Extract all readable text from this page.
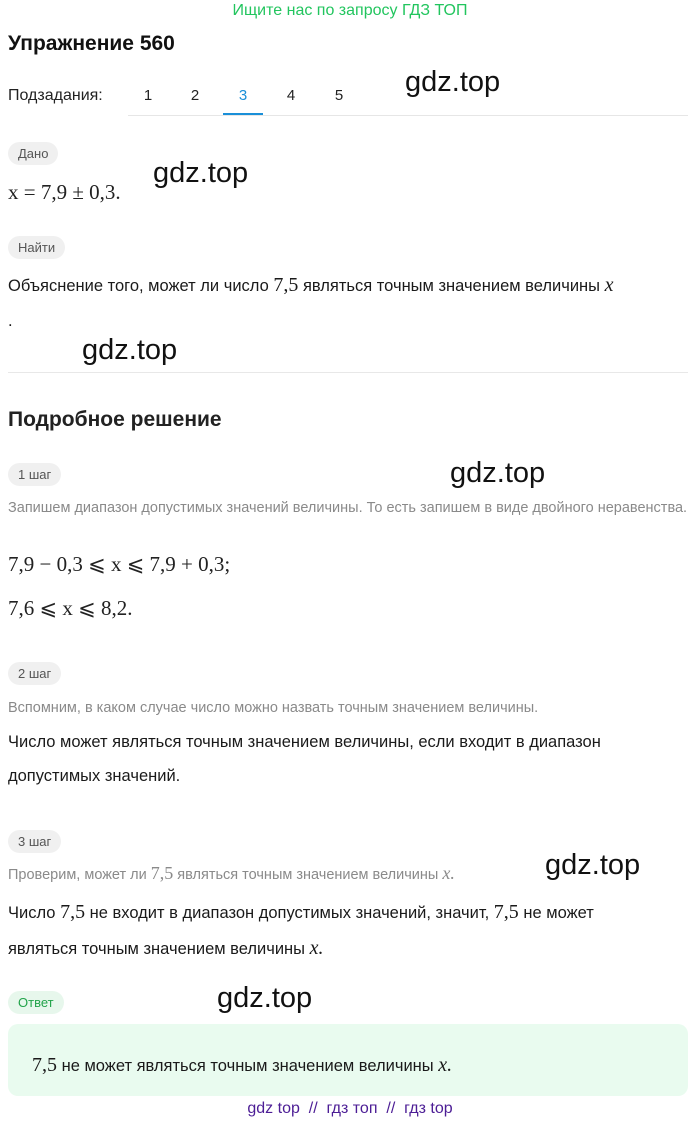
Ищите нас по запросу ГДЗ ТОП
Упражнение 560
Подзадания:	1	2	3	4	5	gdz.top
gdz.top
gdz.top
gdz.top
gdz.top
gdz.top
Дано
x = 7,9 ± 0,3.
Найти
Объяснение того, может ли число 7,5 являться точным значением величины x
.
Подробное решение
1 шаг
Запишем диапазон допустимых значений величины. То есть запишем в виде двойного неравенства.
7,9 − 0,3 ⩽ x ⩽ 7,9 + 0,3;
7,6 ⩽ x ⩽ 8,2.
2 шаг
Вспомним, в каком случае число можно назвать точным значением величины.
Число может являться точным значением величины, если входит в диапазон
допустимых значений.
3 шаг
Проверим, может ли 7,5 являться точным значением величины x.
Число 7,5 не входит в диапазон допустимых значений, значит, 7,5 не может
являться точным значением величины x.
Ответ
7,5 не может являться точным значением величины x.
gdz top  //  гдз топ  //  гдз top
